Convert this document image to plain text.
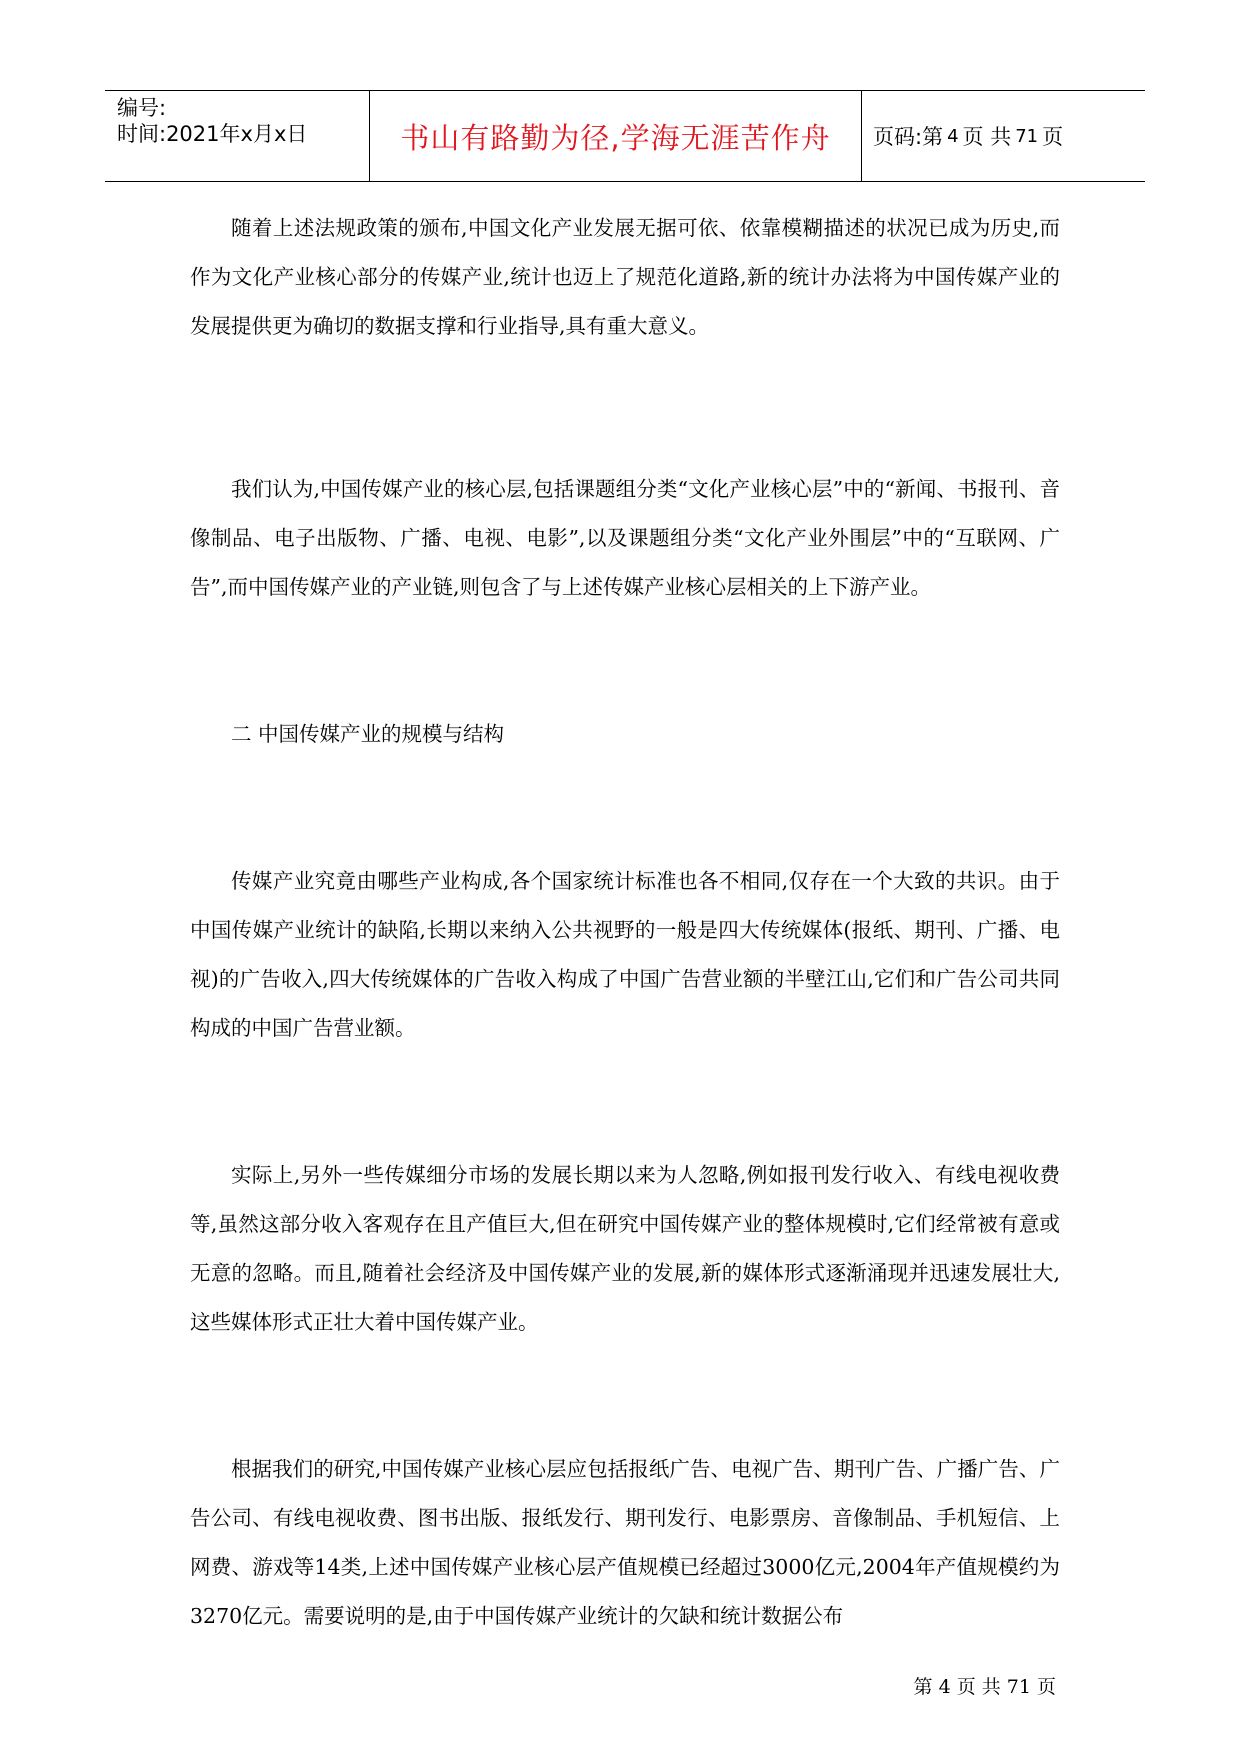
编号:
时间:2021年x月x日	书山有路勤为径,学海无涯苦作舟	页码:第 4 页 共 71 页

随着上述法规政策的颁布,中国文化产业发展无据可依、依靠模糊描述的状况已成为历史,而作为文化产业核心部分的传媒产业,统计也迈上了规范化道路,新的统计办法将为中国传媒产业的发展提供更为确切的数据支撑和行业指导,具有重大意义。

我们认为,中国传媒产业的核心层,包括课题组分类“文化产业核心层”中的“新闻、书报刊、音像制品、电子出版物、广播、电视、电影”,以及课题组分类“文化产业外围层”中的“互联网、广告”,而中国传媒产业的产业链,则包含了与上述传媒产业核心层相关的上下游产业。

二 中国传媒产业的规模与结构

传媒产业究竟由哪些产业构成,各个国家统计标准也各不相同,仅存在一个大致的共识。由于中国传媒产业统计的缺陷,长期以来纳入公共视野的一般是四大传统媒体(报纸、期刊、广播、电视)的广告收入,四大传统媒体的广告收入构成了中国广告营业额的半壁江山,它们和广告公司共同构成的中国广告营业额。

实际上,另外一些传媒细分市场的发展长期以来为人忽略,例如报刊发行收入、有线电视收费等,虽然这部分收入客观存在且产值巨大,但在研究中国传媒产业的整体规模时,它们经常被有意或无意的忽略。而且,随着社会经济及中国传媒产业的发展,新的媒体形式逐渐涌现并迅速发展壮大,这些媒体形式正壮大着中国传媒产业。

根据我们的研究,中国传媒产业核心层应包括报纸广告、电视广告、期刊广告、广播广告、广告公司、有线电视收费、图书出版、报纸发行、期刊发行、电影票房、音像制品、手机短信、上网费、游戏等14类,上述中国传媒产业核心层产值规模已经超过3000亿元,2004年产值规模约为3270亿元。需要说明的是,由于中国传媒产业统计的欠缺和统计数据公布

第 4 页 共 71 页
